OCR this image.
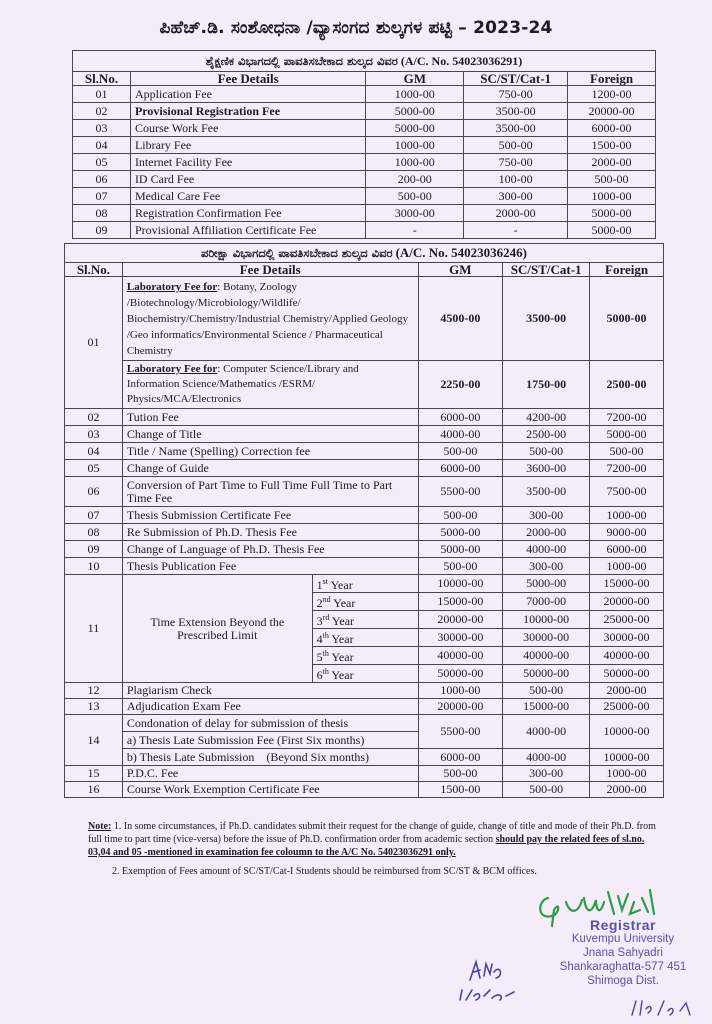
ಪಿಹೆಚ್.ಡಿ. ಸಂಶೋಧನಾ /ವ್ಯಾಸಂಗದ ಶುಲ್ಕಗಳ ಪಟ್ಟಿ – 2023-24
ಶೈಕ್ಷಣಿಕ ವಿಭಾಗದಲ್ಲಿ ಪಾವತಿಸಬೇಕಾದ ಶುಲ್ಕದ ವಿವರ (A/C. No. 54023036291)				
Sl.No.	Fee Details	GM	SC/ST/Cat-1	Foreign
01	Application Fee	1000-00	750-00	1200-00
02	Provisional Registration Fee	5000-00	3500-00	20000-00
03	Course Work Fee	5000-00	3500-00	6000-00
04	Library Fee	1000-00	500-00	1500-00
05	Internet Facility Fee	1000-00	750-00	2000-00
06	ID Card Fee	200-00	100-00	500-00
07	Medical Care Fee	500-00	300-00	1000-00
08	Registration Confirmation Fee	3000-00	2000-00	5000-00
09	Provisional Affiliation Certificate Fee	-	-	5000-00
ಪರೀಕ್ಷಾ ವಿಭಾಗದಲ್ಲಿ ಪಾವತಿಸಬೇಕಾದ ಶುಲ್ಕದ ವಿವರ (A/C. No. 54023036246)					
Sl.No.	Fee Details		GM	SC/ST/Cat-1	Foreign
01	Laboratory Fee for: Botany, Zoology /Biotechnology/Microbiology/Wildlife/ Biochemistry/Chemistry/Industrial Chemistry/Applied Geology /Geo informatics/Environmental Science / Pharmaceutical Chemistry		4500-00	3500-00	5000-00
	Laboratory Fee for: Computer Science/Library and Information Science/Mathematics /ESRM/ Physics/MCA/Electronics		2250-00	1750-00	2500-00
02	Tution Fee		6000-00	4200-00	7200-00
03	Change of Title		4000-00	2500-00	5000-00
04	Title / Name (Spelling) Correction fee		500-00	500-00	500-00
05	Change of Guide		6000-00	3600-00	7200-00
06	Conversion of Part Time to Full Time Full Time to Part Time Fee		5500-00	3500-00	7500-00
07	Thesis Submission Certificate Fee		500-00	300-00	1000-00
08	Re Submission of Ph.D. Thesis Fee		5000-00	2000-00	9000-00
09	Change of Language of Ph.D. Thesis Fee		5000-00	4000-00	6000-00
10	Thesis Publication Fee		500-00	300-00	1000-00
11	Time Extension Beyond the Prescribed Limit	1st Year	10000-00	5000-00	15000-00
		2nd Year	15000-00	7000-00	20000-00
		3rd Year	20000-00	10000-00	25000-00
		4th Year	30000-00	30000-00	30000-00
		5th Year	40000-00	40000-00	40000-00
		6th Year	50000-00	50000-00	50000-00
12	Plagiarism Check		1000-00	500-00	2000-00
13	Adjudication Exam Fee		20000-00	15000-00	25000-00
14	Condonation of delay for submission of thesis		5500-00	4000-00	10000-00
	a) Thesis Late Submission Fee (First Six months)				
	b) Thesis Late Submission    (Beyond Six months)		6000-00	4000-00	10000-00
15	P.D.C. Fee		500-00	300-00	1000-00
16	Course Work Exemption Certificate Fee		1500-00	500-00	2000-00

Note: 1. In some circumstances, if Ph.D. candidates submit their request for the change of guide, change of title and mode of their Ph.D. from full time to part time (vice-versa) before the issue of Ph.D. confirmation order from academic section should pay the related fees of sl.no. 03,04 and 05 -mentioned in examination fee coloumn to the A/C No. 54023036291 only.

2. Exemption of Fees amount of SC/ST/Cat-I Students should be reimbursed from SC/ST & BCM offices.

Registrar
Kuvempu University
Jnana Sahyadri
Shankaraghatta-577 451
Shimoga Dist.
